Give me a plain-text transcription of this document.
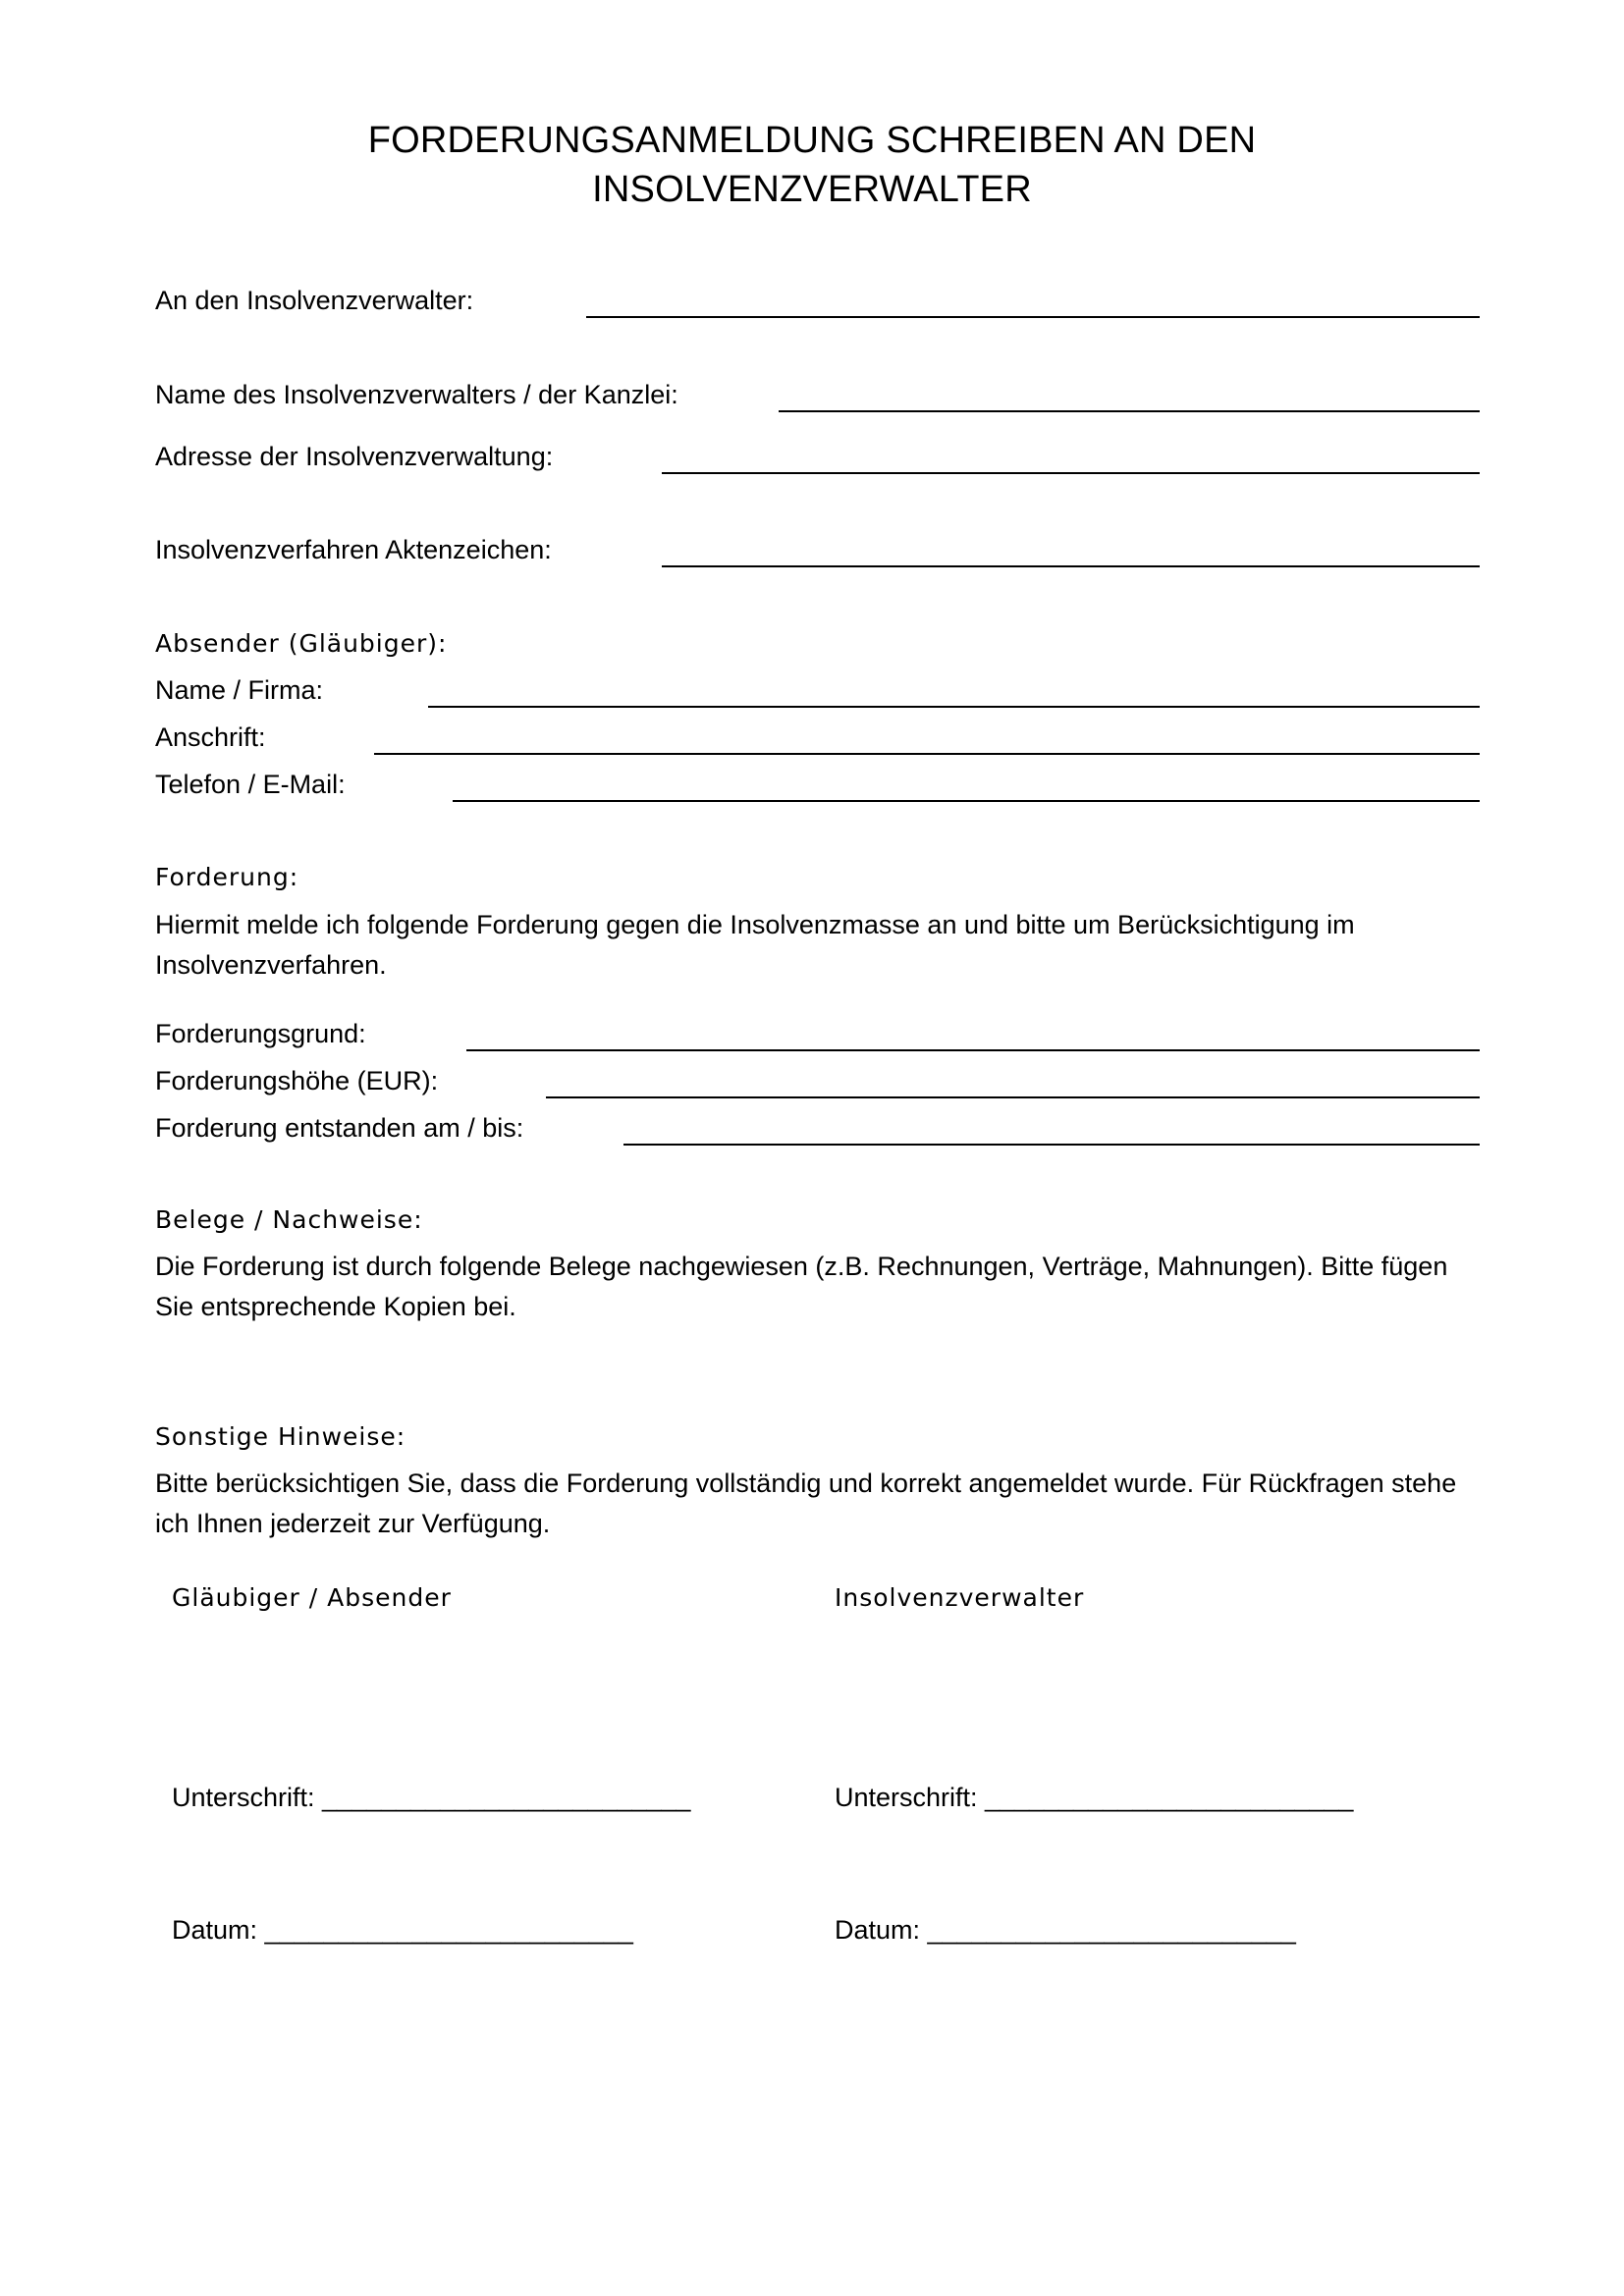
FORDERUNGSANMELDUNG SCHREIBEN AN DEN
INSOLVENZVERWALTER
An den Insolvenzverwalter:
Name des Insolvenzverwalters / der Kanzlei:
Adresse der Insolvenzverwaltung:
Insolvenzverfahren Aktenzeichen:
Absender (Gläubiger):
Name / Firma:
Anschrift:
Telefon / E-Mail:
Forderung:
Hiermit melde ich folgende Forderung gegen die Insolvenzmasse an und bitte um Berücksichtigung im Insolvenzverfahren.
Forderungsgrund:
Forderungshöhe (EUR):
Forderung entstanden am / bis:
Belege / Nachweise:
Die Forderung ist durch folgende Belege nachgewiesen (z.B. Rechnungen, Verträge, Mahnungen). Bitte fügen Sie entsprechende Kopien bei.
Sonstige Hinweise:
Bitte berücksichtigen Sie, dass die Forderung vollständig und korrekt angemeldet wurde. Für Rückfragen stehe ich Ihnen jederzeit zur Verfügung.
Gläubiger / Absender	Insolvenzverwalter
Unterschrift: _________________________	Unterschrift: _________________________
Datum: _________________________	Datum: _________________________
